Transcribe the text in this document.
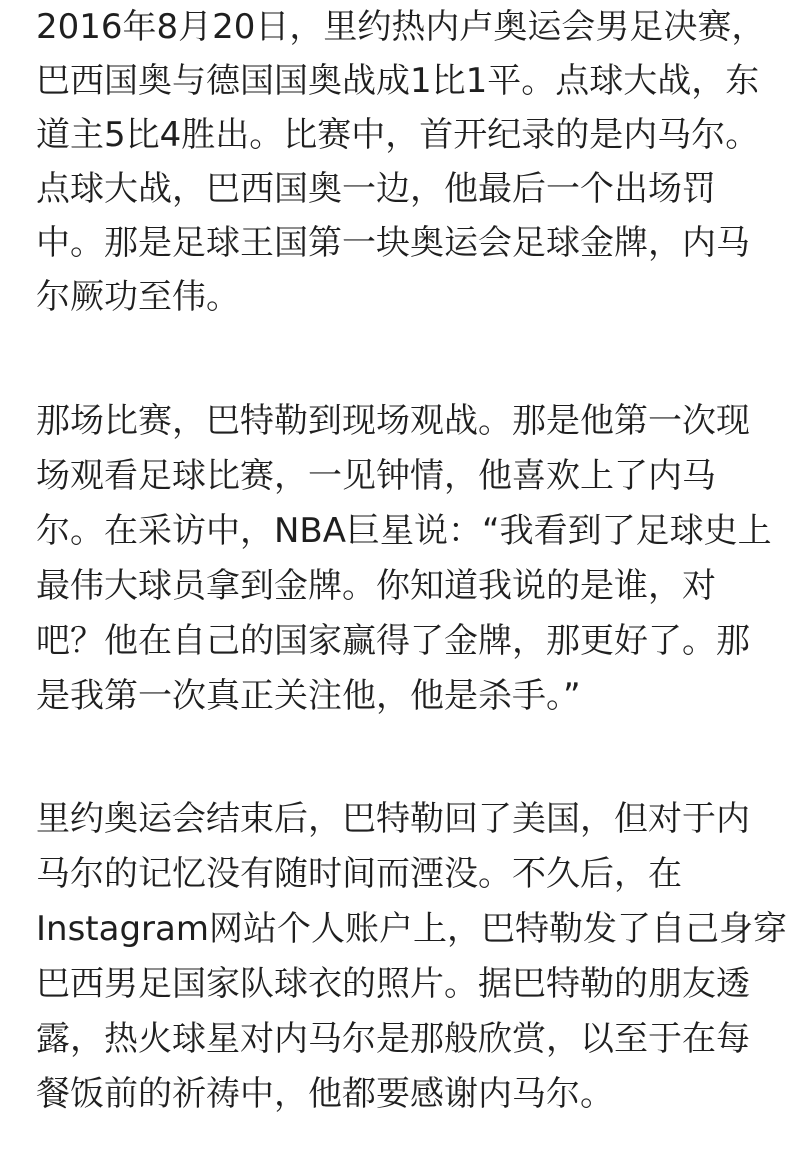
2016年8月20日，里约热内卢奥运会男足决赛，
巴西国奥与德国国奥战成1比1平。点球大战，东
道主5比4胜出。比赛中，首开纪录的是内马尔。
点球大战，巴西国奥一边，他最后一个出场罚
中。那是足球王国第一块奥运会足球金牌，内马
尔厥功至伟。
那场比赛，巴特勒到现场观战。那是他第一次现
场观看足球比赛，一见钟情，他喜欢上了内马
尔。在采访中，NBA巨星说：“我看到了足球史上
最伟大球员拿到金牌。你知道我说的是谁，对
吧？他在自己的国家赢得了金牌，那更好了。那
是我第一次真正关注他，他是杀手。”
里约奥运会结束后，巴特勒回了美国，但对于内
马尔的记忆没有随时间而湮没。不久后，在
Instagram网站个人账户上，巴特勒发了自己身穿
巴西男足国家队球衣的照片。据巴特勒的朋友透
露，热火球星对内马尔是那般欣赏，以至于在每
餐饭前的祈祷中，他都要感谢内马尔。
